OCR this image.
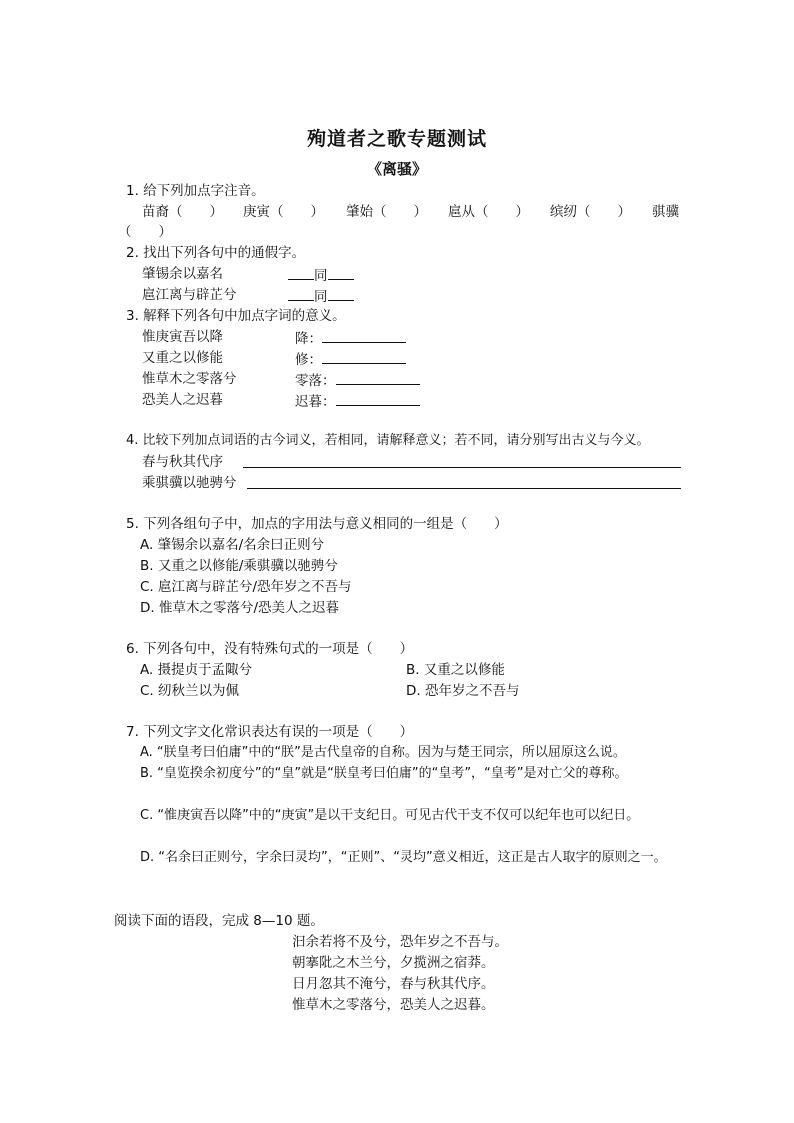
殉道者之歌专题测试
《离骚》
1. 给下列加点字注音。
苗裔（　　） 庚寅（　　） 肇始（　　） 扈从（　　） 缤纫（　　） 骐骥
（　　）
2. 找出下列各句中的通假字。
肇锡余以嘉名	同
扈江离与辟芷兮	同
3. 解释下列各句中加点字词的意义。
惟庚寅吾以降	降：
又重之以修能	修：
惟草木之零落兮	零落：
恐美人之迟暮	迟暮：
4. 比较下列加点词语的古今词义，若相同，请解释意义；若不同，请分别写出古义与今义。
春与秋其代序
乘骐骥以驰骋兮
5. 下列各组句子中，加点的字用法与意义相同的一组是（　　）
A. 肇锡余以嘉名/名余曰正则兮
B. 又重之以修能/乘骐骥以驰骋兮
C. 扈江离与辟芷兮/恐年岁之不吾与
D. 惟草木之零落兮/恐美人之迟暮
6. 下列各句中，没有特殊句式的一项是（　　）
A. 摄提贞于孟陬兮	B. 又重之以修能
C. 纫秋兰以为佩	D. 恐年岁之不吾与
7. 下列文字文化常识表达有误的一项是（　　）
A. “朕皇考曰伯庸”中的“朕”是古代皇帝的自称。因为与楚王同宗，所以屈原这么说。
B. “皇览揆余初度兮”的“皇”就是“朕皇考曰伯庸”的“皇考”，“皇考”是对亡父的尊称。
C. “惟庚寅吾以降”中的“庚寅”是以干支纪日。可见古代干支不仅可以纪年也可以纪日。
D. “名余曰正则兮，字余曰灵均”，“正则”、“灵均”意义相近，这正是古人取字的原则之一。
阅读下面的语段，完成 8—10 题。
汩余若将不及兮，恐年岁之不吾与。
朝搴阰之木兰兮，夕揽洲之宿莽。
日月忽其不淹兮，春与秋其代序。
惟草木之零落兮，恐美人之迟暮。
